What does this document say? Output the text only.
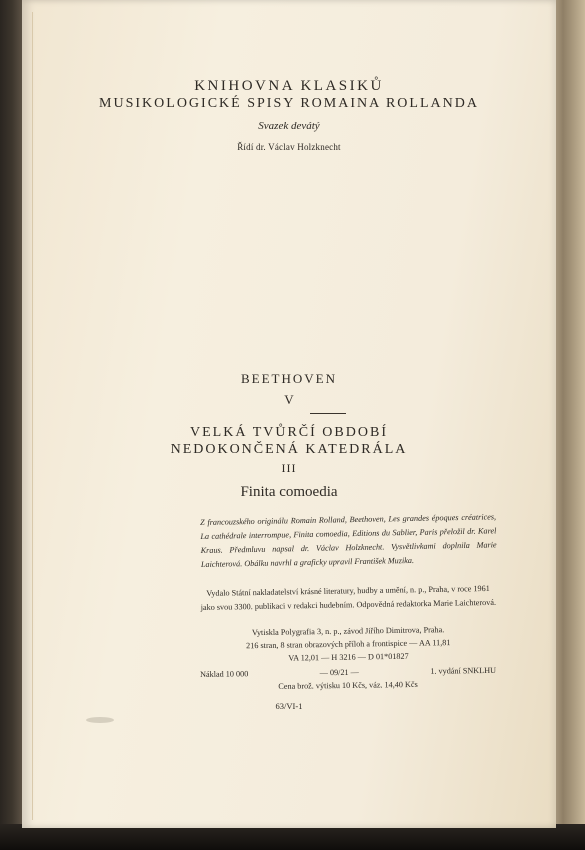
KNIHOVNA KLASIKŮ
MUSIKOLOGICKÉ SPISY ROMAINA ROLLANDA
Svazek devátý
Řídí dr. Václav Holzknecht
BEETHOVEN
V
VELKÁ TVŮRČÍ OBDOBÍ
NEDOKONČENÁ KATEDRÁLA
III
Finita comoedia
Z francouzského originálu Romain Rolland, Beethoven, Les grandes époques créatrices, La cathédrale interrompue, Finita comoedia, Editions du Sablier, Paris přeložil dr. Karel Kraus. Předmluvu napsal dr. Václav Holzknecht. Vysvětlivkami doplnila Marie Laichterová. Obálku navrhl a graficky upravil František Muzika.
Vydalo Státní nakladatelství krásné literatury, hudby a umění, n. p., Praha, v roce 1961 jako svou 3300. publikaci v redakci hudebním. Odpovědná redaktorka Marie Laichterová.
Vytiskla Polygrafia 3, n. p., závod Jiřího Dimitrova, Praha.
216 stran, 8 stran obrazových příloh a frontispice — AA 11,81
VA 12,01 — H 3216 — D 01*01827
Náklad 10 000	— 09/21 —	1. vydání SNKLHU
Cena brož. výtisku 10 Kčs, váz. 14,40 Kčs
63/VI-1
